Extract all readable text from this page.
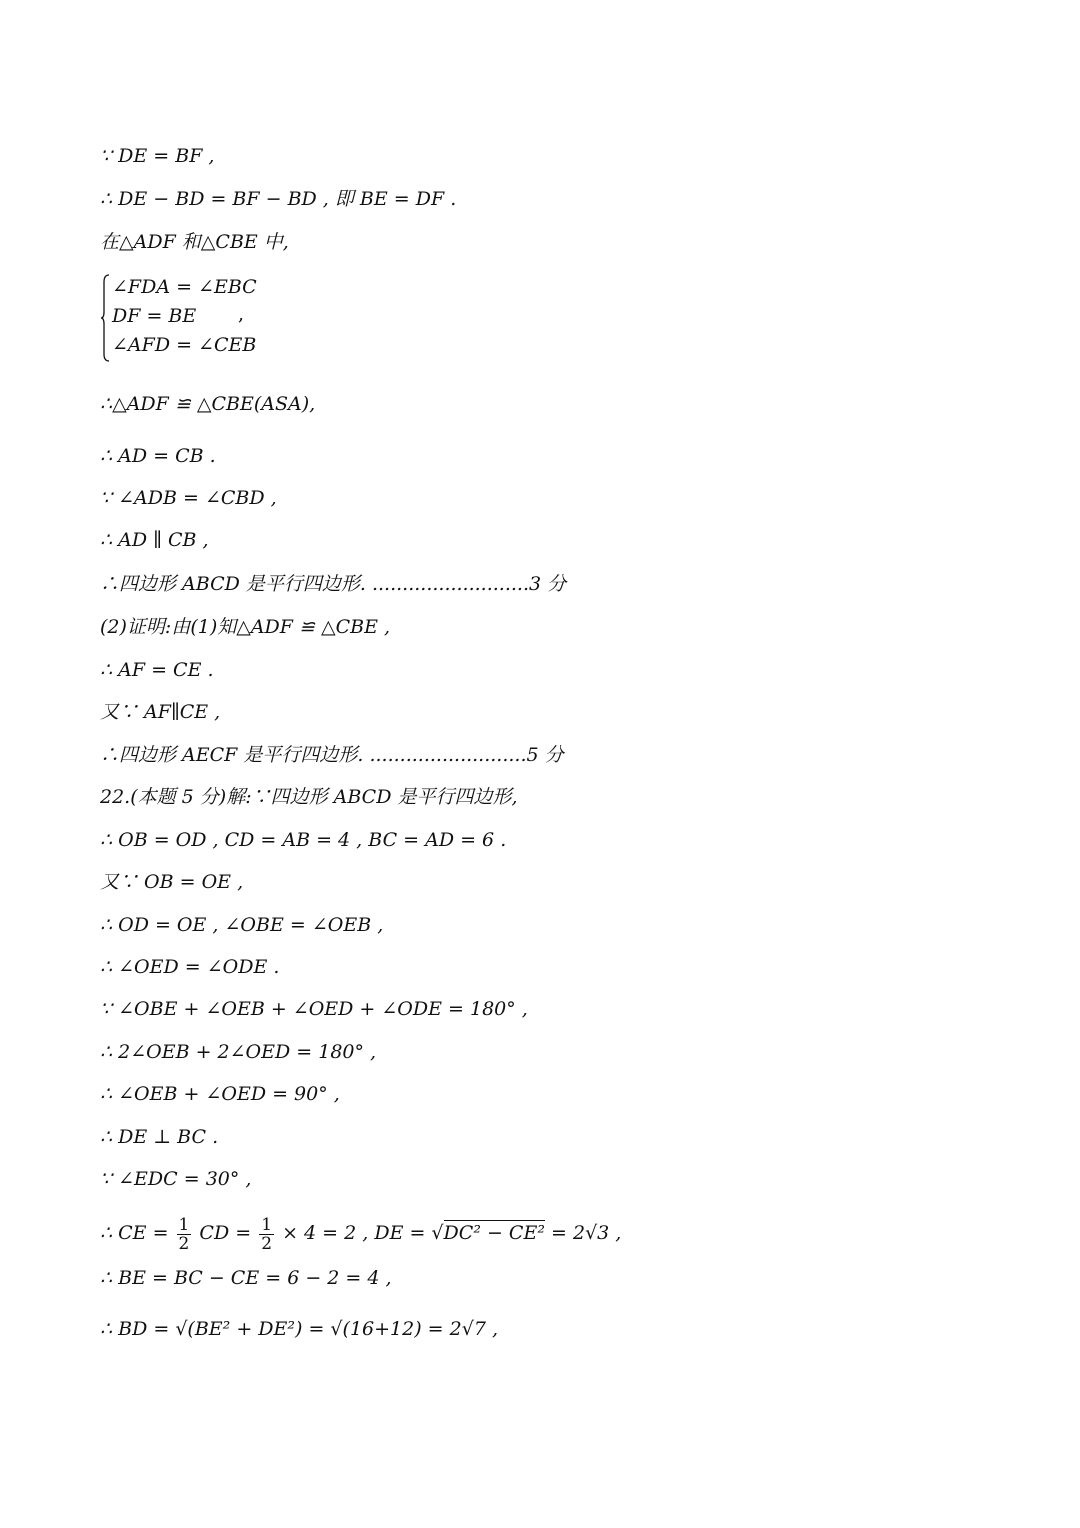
∵ DE = BF ,
∴ DE − BD = BF − BD , 即 BE = DF .
在△ADF 和△CBE 中,
∴△ADF ≌ △CBE(ASA),
∴ AD = CB .
∵ ∠ADB = ∠CBD ,
∴ AD ∥ CB ,
∴四边形 ABCD 是平行四边形. ..........................3 分
(2)证明:由(1)知△ADF ≌ △CBE ,
∴ AF = CE .
又∵ AF∥CE ,
∴四边形 AECF 是平行四边形. ..........................5 分
22.(本题 5 分)解:∵四边形 ABCD 是平行四边形,
∴ OB = OD , CD = AB = 4 , BC = AD = 6 .
又∵ OB = OE ,
∴ OD = OE , ∠OBE = ∠OEB ,
∴ ∠OED = ∠ODE .
∵ ∠OBE + ∠OEB + ∠OED + ∠ODE = 180° ,
∴ 2∠OEB + 2∠OED = 180° ,
∴ ∠OEB + ∠OED = 90° ,
∴ DE ⊥ BC .
∵ ∠EDC = 30° ,
∴ BE = BC − CE = 6 − 2 = 4 ,
∴ BD = √(BE² + DE²) = √(16+12) = 2√7 ,
∠FDA = ∠EBC
DF = BE
∠AFD = ∠CEB
,
∴ CE = $\frac{1}{2}$ CD = $\frac{1}{2} \times 4 = 2$ , DE = √DC² − CE² = 2√3 ,
